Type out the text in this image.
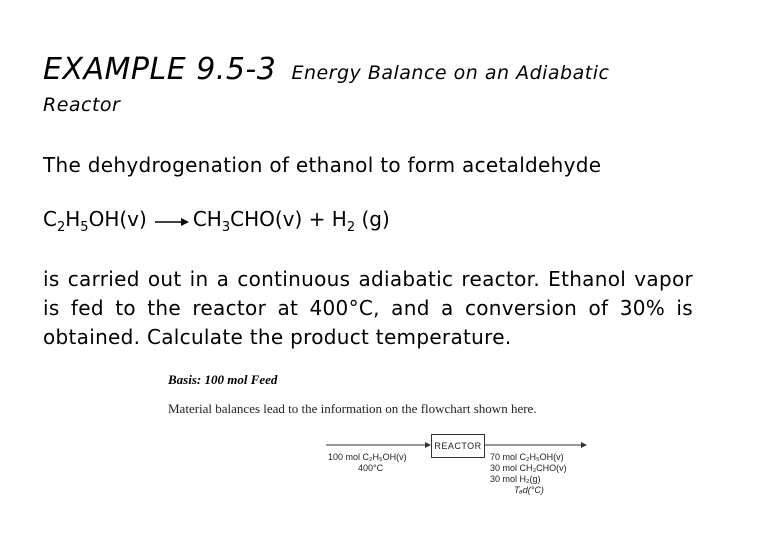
EXAMPLE 9.5-3 Energy Balance on an Adiabatic
Reactor
The dehydrogenation of ethanol to form acetaldehyde
$C_2H_5OH(v) \to CH_3CHO(v) + H_2$ (g)
is carried out in a continuous adiabatic reactor. Ethanol vapor is fed to the reactor at 400°C, and a conversion of 30% is obtained. Calculate the product temperature.
Basis: 100 mol Feed
Material balances lead to the information on the flowchart shown here.
REACTOR
100 mol C₂H₅OH(v)
400°C
70 mol C₂H₅OH(v)
30 mol CH₃CHO(v)
30 mol H₂(g)
Tₐd(°C)
